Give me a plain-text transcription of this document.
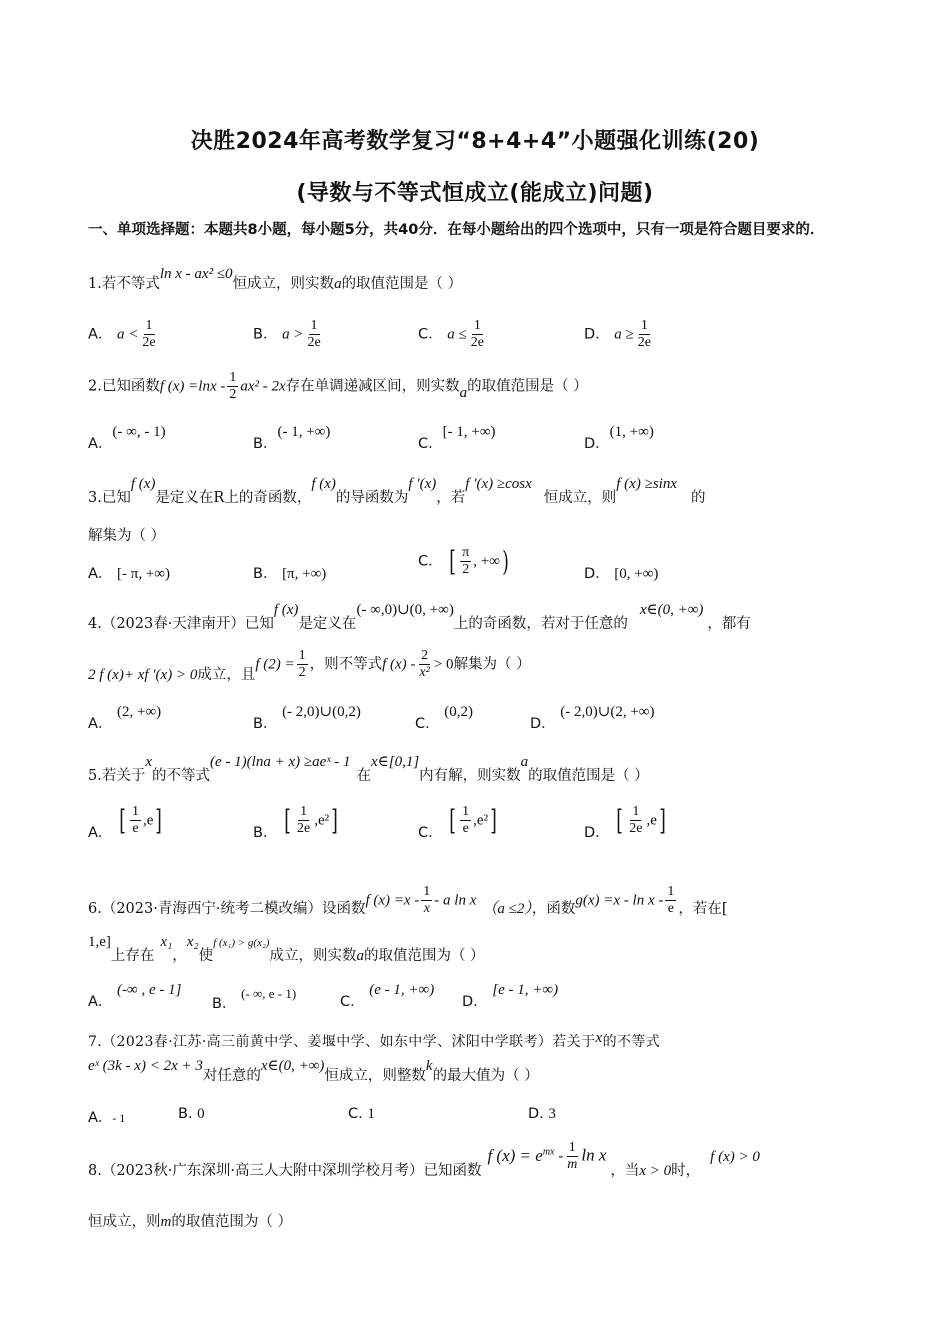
决胜2024年高考数学复习“8+4+4”小题强化训练(20)
(导数与不等式恒成立(能成立)问题)
一、单项选择题：本题共8小题，每小题5分，共40分．在每小题给出的四个选项中，只有一项是符合题目要求的．
1.若不等式ln x - ax² ≤0恒成立，则实数a的取值范围是（ ）
A． $a < \frac{1}{2e}$	B． $a > \frac{1}{2e}$	C． $a \le \frac{1}{2e}$	D． $a \ge \frac{1}{2e}$
2.已知函数f $(x) =\ln x - \frac{1}{2} ax^2 - 2x$存在单调递减区间，则实数a的取值范围是（ ）
A．(- ∞, - 1)
B．(- 1, +∞)
C．[- 1, +∞)
D．(1, +∞)
3.已知f (x)是定义在R上的奇函数，f (x)的导函数为f ′(x)，若f ′(x) ≥cosx恒成立，则f (x) ≥sinx的
解集为（ ）
A． [- π, +∞)	B． [π, +∞)
C． [ $\frac{\pi}{2}$ , +∞)	D． [0, +∞)
4.（2023春·天津南开）已知f (x)是定义在(- ∞,0)∪(0, +∞)上的奇函数，若对于任意的x∈(0, +∞)，都有
2 f (x)+ xf ′(x) > 0成立，且f $(2) = \frac{1}{2}$ ，则不等式f $(x) - \frac{2}{\text{x²}} > 0$解集为（ ）
A． (2, +∞)
B． (- 2,0)∪(0,2)
C． (0,2)
D． (- 2,0)∪(2, +∞)
5.若关于x的不等式(e - 1)(lna + x) ≥aeˣ - 1在x∈[0,1]内有解，则实数a的取值范围是（ ）
A． [ $\frac{1}{e} ,e$]	B． [ $\frac{1}{2e} ,e^2$]	C． [ $\frac{1}{e} ,e^2$]	D． [ $\frac{1}{2e} ,e$]
6.（2023·青海西宁·统考二模改编）设函数f $(x) =x - \frac{1}{x} - a$ ln x （a ≤2），函数$g(x) =x - \ln x - \frac{1}{e}$ ，若在[
1,e]上存在x₁，x₂使f (x₁) > g(x₂)成立，则实数a的取值范围为（ ）
A． (-∞ , e - 1]
B． (- ∞, e - 1)
C． (e - 1, +∞)
D． [e - 1, +∞)
7.（2023春·江苏·高三前黄中学、姜堰中学、如东中学、沭阳中学联考）若关于x的不等式
eˣ (3k - x) < 2x + 3对任意的x∈(0, +∞)恒成立，则整数k的最大值为（ ）
A．- 1	B. 0	C. 1	D. 3
8.（2023秋·广东深圳·高三人大附中深圳学校月考）已知函数f $(x) = e^{mx} - \frac{1}{m}$ ln x，当x > 0时，f (x) > 0
恒成立，则m的取值范围为（ ）
